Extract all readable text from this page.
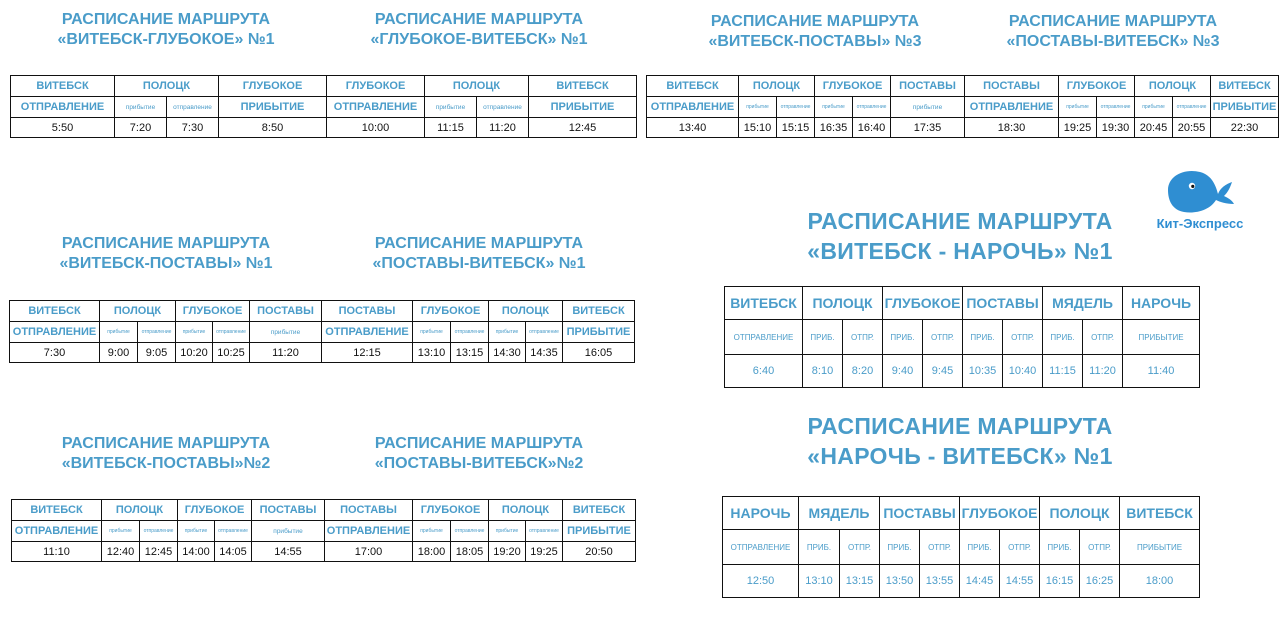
РАСПИСАНИЕ МАРШРУТА
«ВИТЕБСК-ГЛУБОКОЕ» №1
РАСПИСАНИЕ МАРШРУТА
«ГЛУБОКОЕ-ВИТЕБСК» №1
ВИТЕБСК	ПОЛОЦК		ГЛУБОКОЕ	ГЛУБОКОЕ	ПОЛОЦК		ВИТЕБСК
ОТПРАВЛЕНИЕ	прибытие	отправление	ПРИБЫТИЕ	ОТПРАВЛЕНИЕ	прибытие	отправление	ПРИБЫТИЕ
5:50	7:20	7:30	8:50	10:00	11:15	11:20	12:45
РАСПИСАНИЕ МАРШРУТА
«ВИТЕБСК-ПОСТАВЫ» №3
РАСПИСАНИЕ МАРШРУТА
«ПОСТАВЫ-ВИТЕБСК» №3
ВИТЕБСК	ПОЛОЦК		ГЛУБОКОЕ		ПОСТАВЫ	ПОСТАВЫ	ГЛУБОКОЕ		ПОЛОЦК		ВИТЕБСК
ОТПРАВЛЕНИЕ	прибытие	отправление	прибытие	отправление	прибытие	ОТПРАВЛЕНИЕ	прибытие	отправление	прибытие	отправление	ПРИБЫТИЕ
13:40	15:10	15:15	16:35	16:40	17:35	18:30	19:25	19:30	20:45	20:55	22:30
РАСПИСАНИЕ МАРШРУТА
«ВИТЕБСК-ПОСТАВЫ» №1
РАСПИСАНИЕ МАРШРУТА
«ПОСТАВЫ-ВИТЕБСК» №1
ВИТЕБСК	ПОЛОЦК		ГЛУБОКОЕ		ПОСТАВЫ	ПОСТАВЫ	ГЛУБОКОЕ		ПОЛОЦК		ВИТЕБСК
ОТПРАВЛЕНИЕ	прибытие	отправление	прибытие	отправление	прибытие	ОТПРАВЛЕНИЕ	прибытие	отправление	прибытие	отправление	ПРИБЫТИЕ
7:30	9:00	9:05	10:20	10:25	11:20	12:15	13:10	13:15	14:30	14:35	16:05
РАСПИСАНИЕ МАРШРУТА
«ВИТЕБСК-ПОСТАВЫ»№2
РАСПИСАНИЕ МАРШРУТА
«ПОСТАВЫ-ВИТЕБСК»№2
ВИТЕБСК	ПОЛОЦК		ГЛУБОКОЕ		ПОСТАВЫ	ПОСТАВЫ	ГЛУБОКОЕ		ПОЛОЦК		ВИТЕБСК
ОТПРАВЛЕНИЕ	прибытие	отправление	прибытие	отправление	прибытие	ОТПРАВЛЕНИЕ	прибытие	отправление	прибытие	отправление	ПРИБЫТИЕ
11:10	12:40	12:45	14:00	14:05	14:55	17:00	18:00	18:05	19:20	19:25	20:50
Кит-Экспресс
РАСПИСАНИЕ МАРШРУТА
«ВИТЕБСК - НАРОЧЬ» №1
ВИТЕБСК	ПОЛОЦК		ГЛУБОКОЕ		ПОСТАВЫ		МЯДЕЛЬ		НАРОЧЬ
ОТПРАВЛЕНИЕ	ПРИБ.	ОТПР.	ПРИБ.	ОТПР.	ПРИБ.	ОТПР.	ПРИБ.	ОТПР.	ПРИБЫТИЕ
6:40	8:10	8:20	9:40	9:45	10:35	10:40	11:15	11:20	11:40
РАСПИСАНИЕ МАРШРУТА
«НАРОЧЬ - ВИТЕБСК» №1
НАРОЧЬ	МЯДЕЛЬ		ПОСТАВЫ		ГЛУБОКОЕ		ПОЛОЦК		ВИТЕБСК
ОТПРАВЛЕНИЕ	ПРИБ.	ОТПР.	ПРИБ.	ОТПР.	ПРИБ.	ОТПР.	ПРИБ.	ОТПР.	ПРИБЫТИЕ
12:50	13:10	13:15	13:50	13:55	14:45	14:55	16:15	16:25	18:00
